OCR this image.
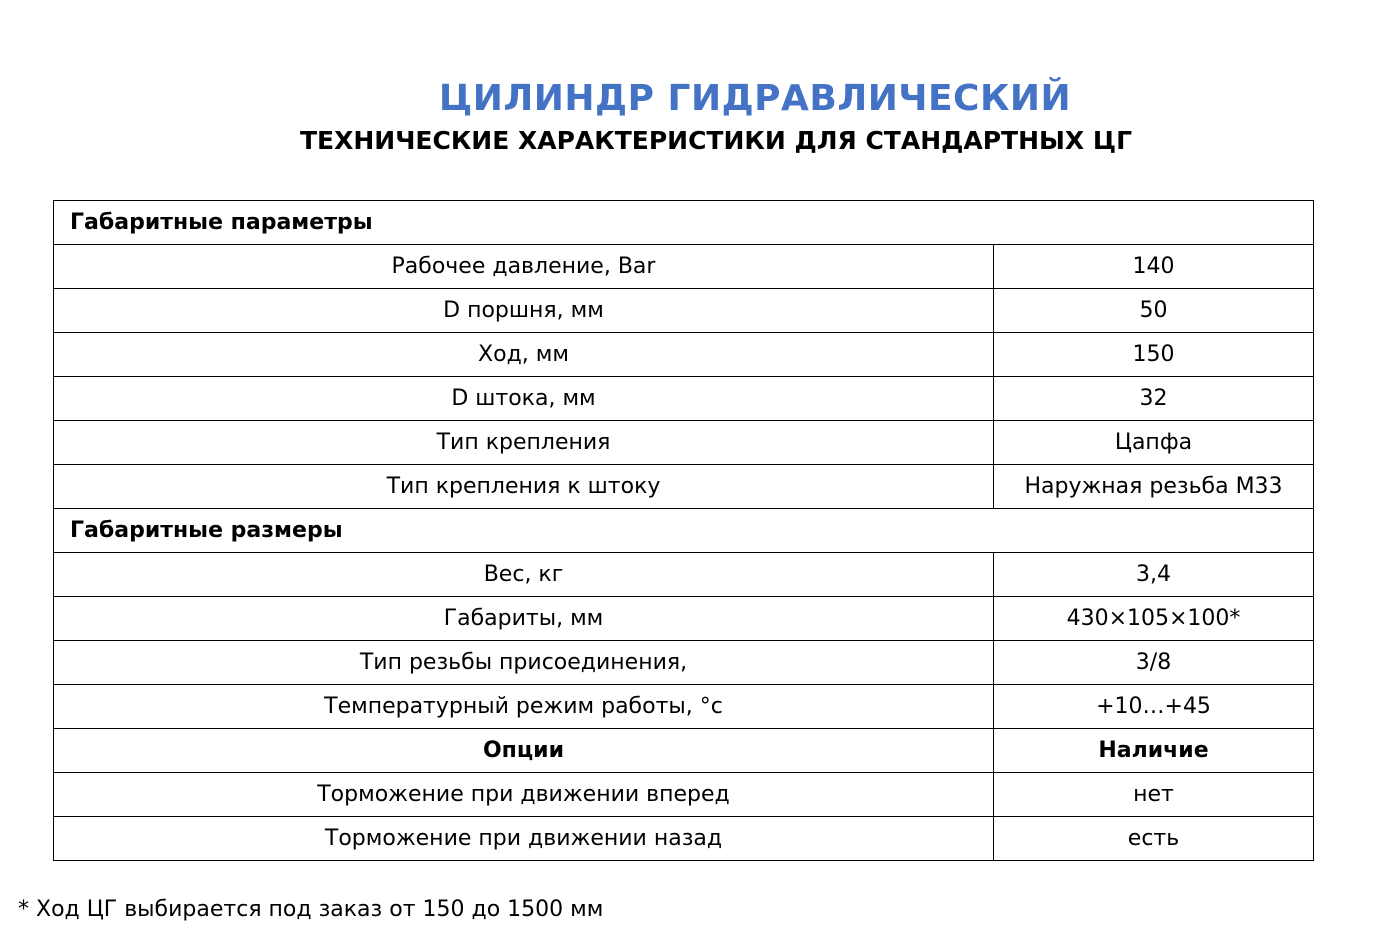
ЦИЛИНДР ГИДРАВЛИЧЕСКИЙ
ТЕХНИЧЕСКИЕ ХАРАКТЕРИСТИКИ ДЛЯ СТАНДАРТНЫХ ЦГ
Габаритные параметры	
Рабочее давление, Bar	140
D поршня, мм	50
Ход, мм	150
D штока, мм	32
Тип крепления	Цапфа
Тип крепления к штоку	Наружная резьба М33
Габаритные размеры	
Вес, кг	3,4
Габариты, мм	430×105×100*
Тип резьбы присоединения,	3/8
Температурный режим работы, °с	+10…+45
Опции	Наличие
Торможение при движении вперед	нет
Торможение при движении назад	есть

* Ход ЦГ выбирается под заказ от 150 до 1500 мм
